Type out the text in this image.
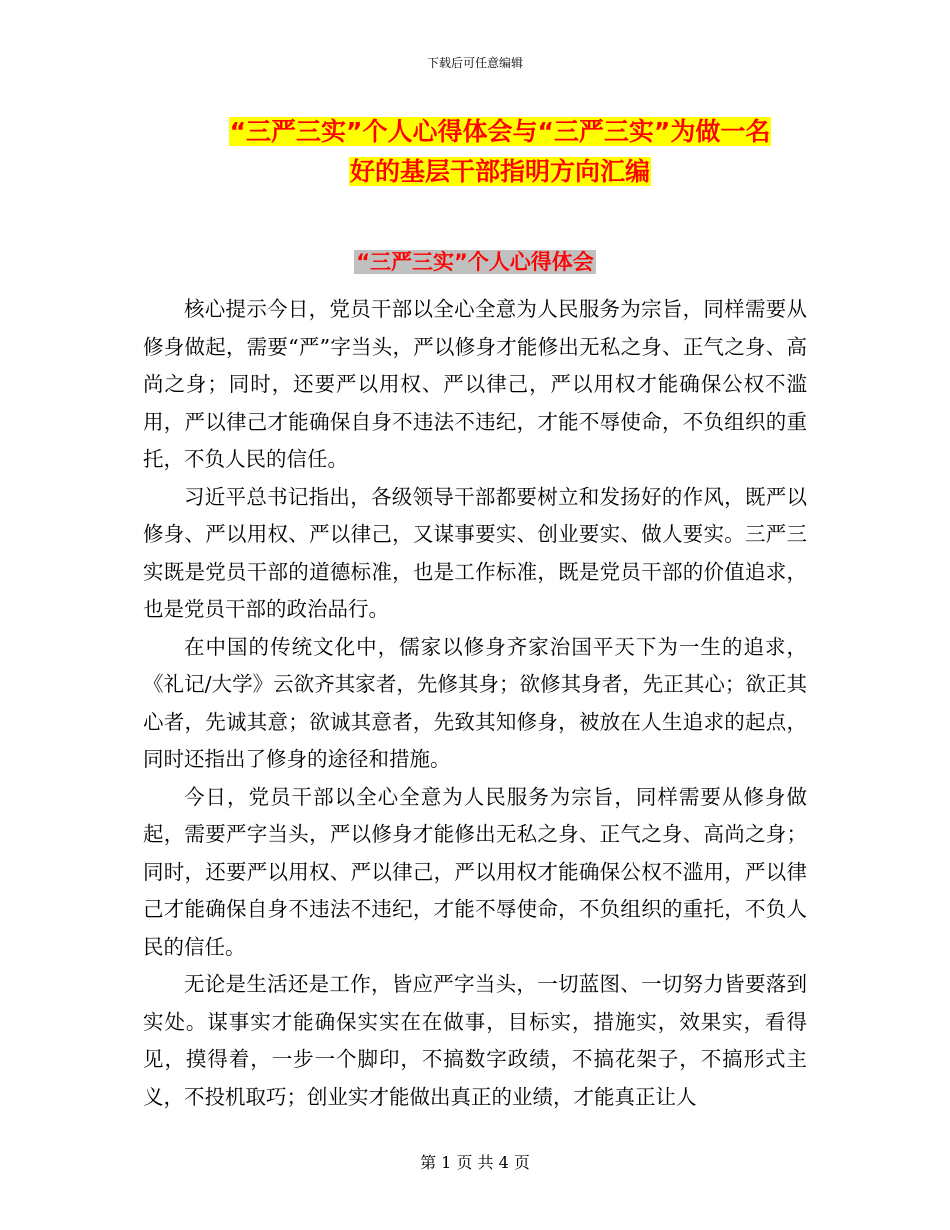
下载后可任意编辑
“三严三实”个人心得体会与“三严三实”为做一名
好的基层干部指明方向汇编
“三严三实”个人心得体会

核心提示今日，党员干部以全心全意为人民服务为宗旨，同样需要从修身做起，需要“严”字当头，严以修身才能修出无私之身、正气之身、高尚之身；同时，还要严以用权、严以律己，严以用权才能确保公权不滥用，严以律己才能确保自身不违法不违纪，才能不辱使命，不负组织的重托，不负人民的信任。

习近平总书记指出，各级领导干部都要树立和发扬好的作风，既严以修身、严以用权、严以律己，又谋事要实、创业要实、做人要实。三严三实既是党员干部的道德标准，也是工作标准，既是党员干部的价值追求，也是党员干部的政治品行。

在中国的传统文化中，儒家以修身齐家治国平天下为一生的追求，《礼记/大学》云欲齐其家者，先修其身；欲修其身者，先正其心；欲正其心者，先诚其意；欲诚其意者，先致其知修身，被放在人生追求的起点，同时还指出了修身的途径和措施。

今日，党员干部以全心全意为人民服务为宗旨，同样需要从修身做起，需要严字当头，严以修身才能修出无私之身、正气之身、高尚之身；同时，还要严以用权、严以律己，严以用权才能确保公权不滥用，严以律己才能确保自身不违法不违纪，才能不辱使命，不负组织的重托，不负人民的信任。

无论是生活还是工作，皆应严字当头，一切蓝图、一切努力皆要落到实处。谋事实才能确保实实在在做事，目标实，措施实，效果实，看得见，摸得着，一步一个脚印，不搞数字政绩，不搞花架子，不搞形式主义，不投机取巧；创业实才能做出真正的业绩，才能真正让人

第 1 页 共 4 页
